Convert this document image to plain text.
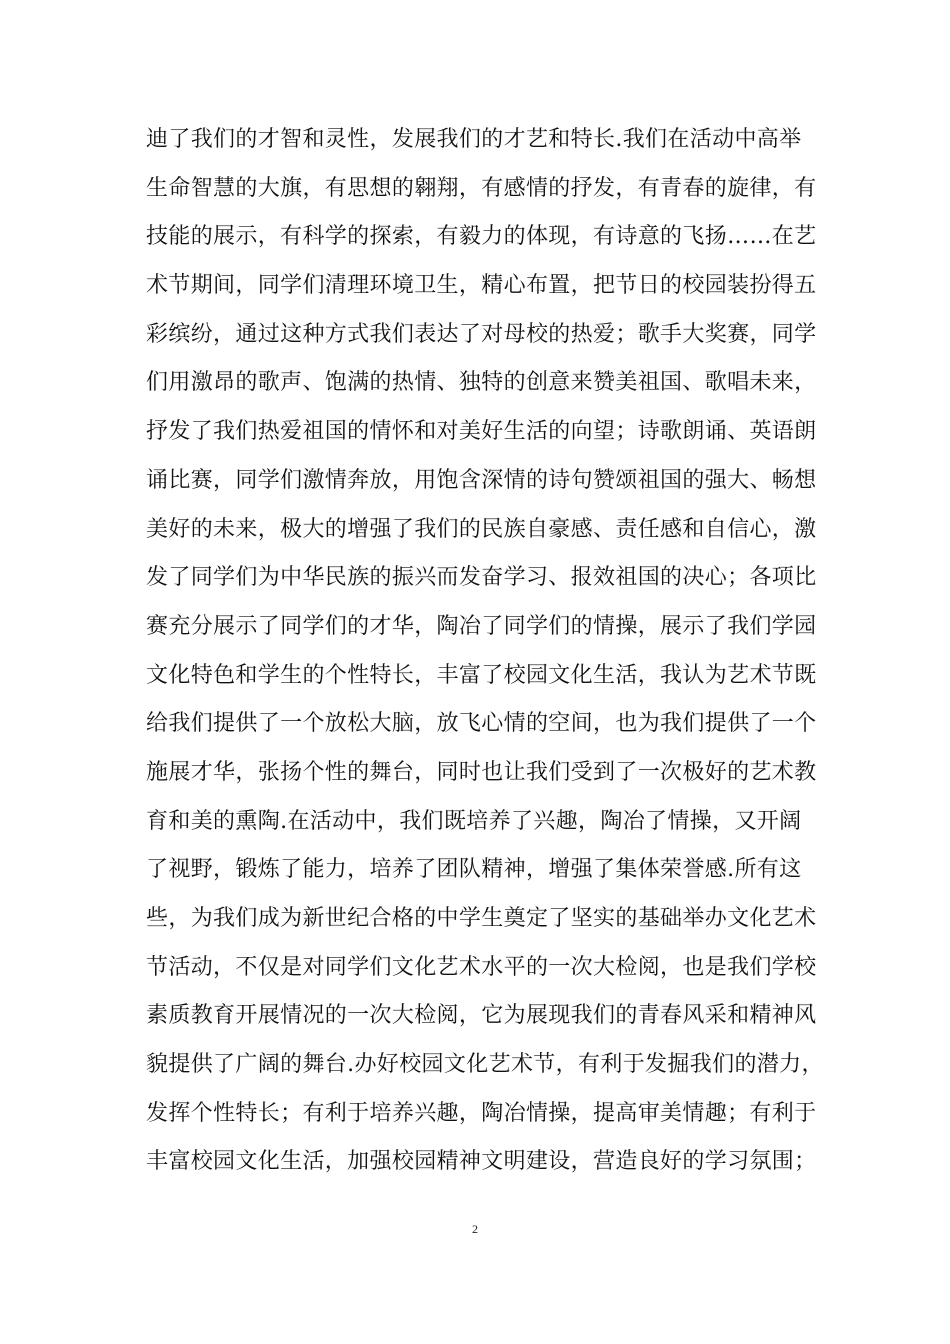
迪了我们的才智和灵性，发展我们的才艺和特长.我们在活动中高举
生命智慧的大旗，有思想的翱翔，有感情的抒发，有青春的旋律，有
技能的展示，有科学的探索，有毅力的体现，有诗意的飞扬……在艺
术节期间，同学们清理环境卫生，精心布置，把节日的校园装扮得五
彩缤纷，通过这种方式我们表达了对母校的热爱；歌手大奖赛，同学
们用激昂的歌声、饱满的热情、独特的创意来赞美祖国、歌唱未来，
抒发了我们热爱祖国的情怀和对美好生活的向望；诗歌朗诵、英语朗
诵比赛，同学们激情奔放，用饱含深情的诗句赞颂祖国的强大、畅想
美好的未来，极大的增强了我们的民族自豪感、责任感和自信心，激
发了同学们为中华民族的振兴而发奋学习、报效祖国的决心；各项比
赛充分展示了同学们的才华，陶冶了同学们的情操，展示了我们学园
文化特色和学生的个性特长，丰富了校园文化生活，我认为艺术节既
给我们提供了一个放松大脑，放飞心情的空间，也为我们提供了一个
施展才华，张扬个性的舞台，同时也让我们受到了一次极好的艺术教
育和美的熏陶.在活动中，我们既培养了兴趣，陶冶了情操，又开阔
了视野，锻炼了能力，培养了团队精神，增强了集体荣誉感.所有这
些，为我们成为新世纪合格的中学生奠定了坚实的基础举办文化艺术
节活动，不仅是对同学们文化艺术水平的一次大检阅，也是我们学校
素质教育开展情况的一次大检阅，它为展现我们的青春风采和精神风
貌提供了广阔的舞台.办好校园文化艺术节，有利于发掘我们的潜力，
发挥个性特长；有利于培养兴趣，陶冶情操，提高审美情趣；有利于
丰富校园文化生活，加强校园精神文明建设，营造良好的学习氛围；
2
